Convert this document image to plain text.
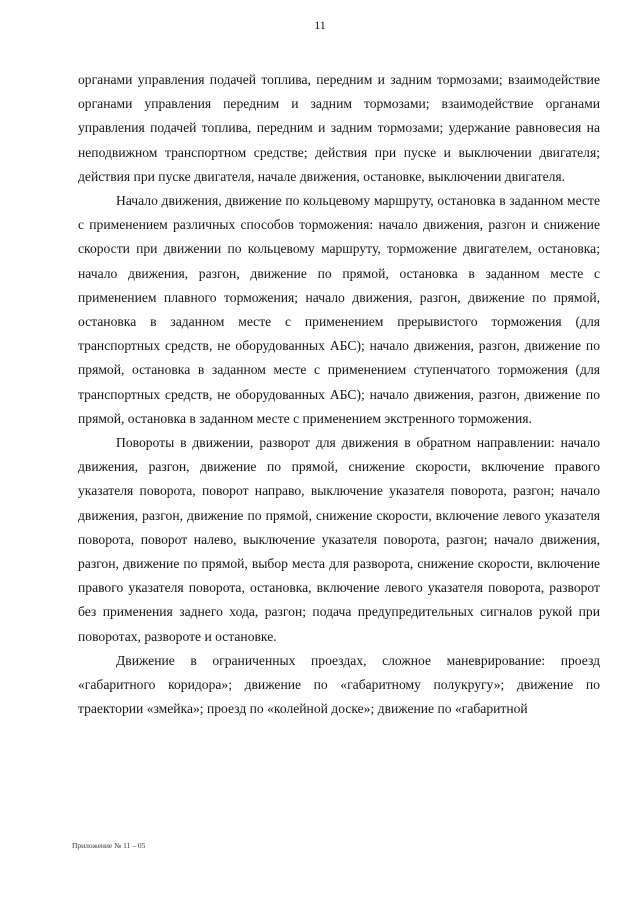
11

органами управления подачей топлива, передним и задним тормозами; взаимодействие органами управления передним и задним тормозами; взаимодействие органами управления подачей топлива, передним и задним тормозами; удержание равновесия на неподвижном транспортном средстве; действия при пуске и выключении двигателя; действия при пуске двигателя, начале движения, остановке, выключении двигателя.

Начало движения, движение по кольцевому маршруту, остановка в заданном месте с применением различных способов торможения: начало движения, разгон и снижение скорости при движении по кольцевому маршруту, торможение двигателем, остановка; начало движения, разгон, движение по прямой, остановка в заданном месте с применением плавного торможения; начало движения, разгон, движение по прямой, остановка в заданном месте с применением прерывистого торможения (для транспортных средств, не оборудованных АБС); начало движения, разгон, движение по прямой, остановка в заданном месте с применением ступенчатого торможения (для транспортных средств, не оборудованных АБС); начало движения, разгон, движение по прямой, остановка в заданном месте с применением экстренного торможения.

Повороты в движении, разворот для движения в обратном направлении: начало движения, разгон, движение по прямой, снижение скорости, включение правого указателя поворота, поворот направо, выключение указателя поворота, разгон; начало движения, разгон, движение по прямой, снижение скорости, включение левого указателя поворота, поворот налево, выключение указателя поворота, разгон; начало движения, разгон, движение по прямой, выбор места для разворота, снижение скорости, включение правого указателя поворота, остановка, включение левого указателя поворота, разворот без применения заднего хода, разгон; подача предупредительных сигналов рукой при поворотах, развороте и остановке.

Движение в ограниченных проездах, сложное маневрирование: проезд «габаритного коридора»; движение по «габаритному полукругу»; движение по траектории «змейка»; проезд по «колейной доске»; движение по «габаритной

Приложение № 11 – 05
